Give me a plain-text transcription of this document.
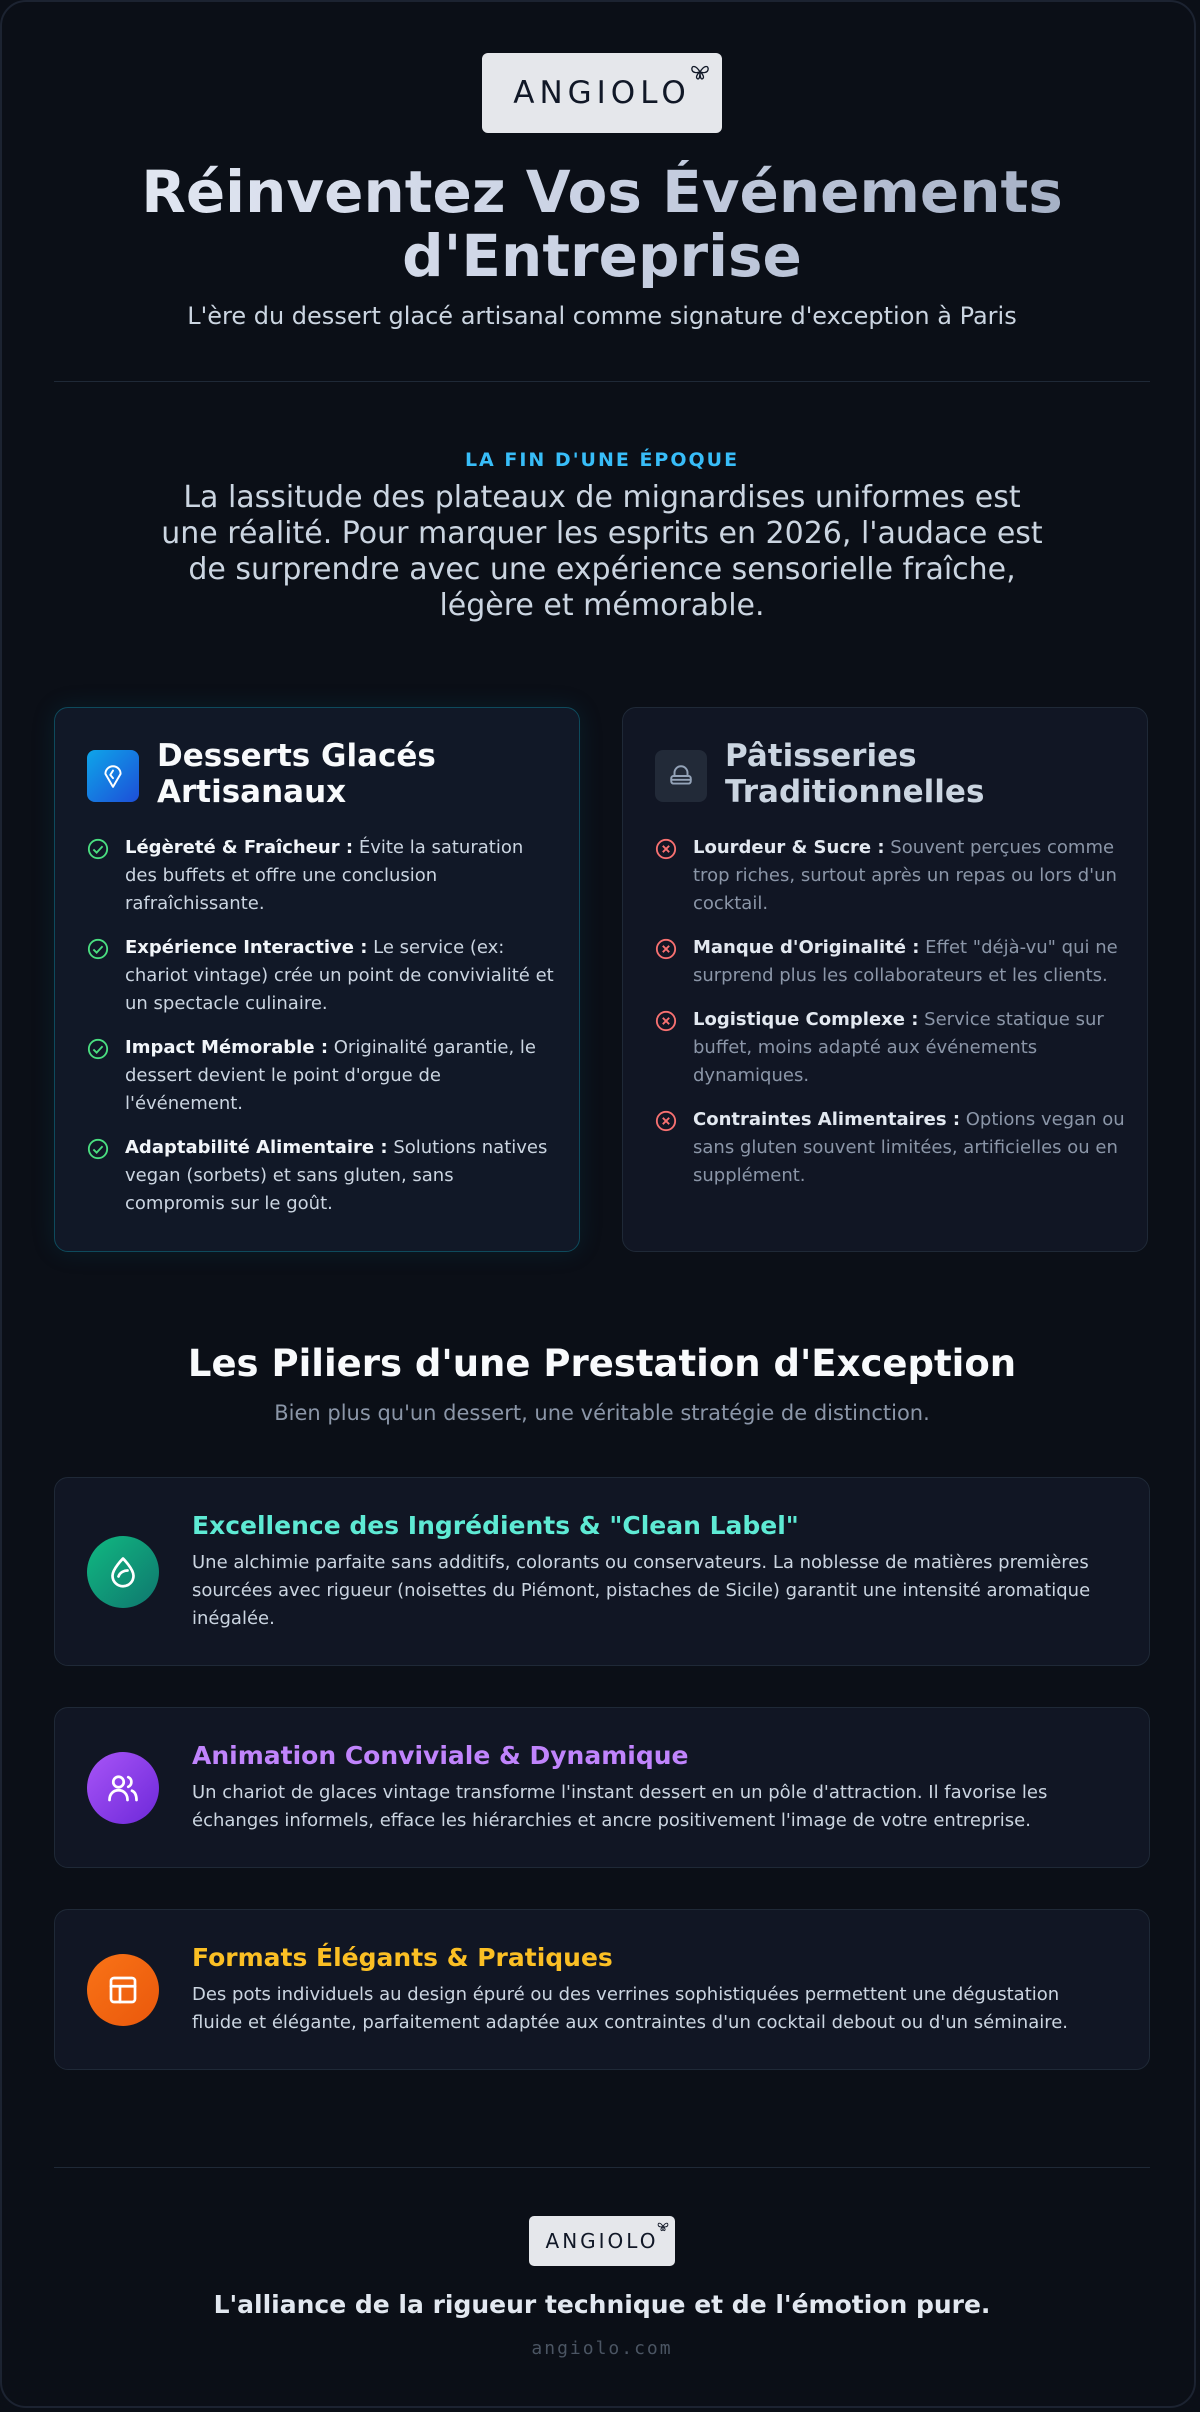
ANGIOLO
Réinventez Vos Événements d'Entreprise
L'ère du dessert glacé artisanal comme signature d'exception à Paris
LA FIN D'UNE ÉPOQUE
La lassitude des plateaux de mignardises uniformes est une réalité. Pour marquer les esprits en 2026, l'audace est de surprendre avec une expérience sensorielle fraîche, légère et mémorable.
Desserts Glacés Artisanaux
Légèreté & Fraîcheur : Évite la saturation des buffets et offre une conclusion rafraîchissante.
Expérience Interactive : Le service (ex: chariot vintage) crée un point de convivialité et un spectacle culinaire.
Impact Mémorable : Originalité garantie, le dessert devient le point d'orgue de l'événement.
Adaptabilité Alimentaire : Solutions natives vegan (sorbets) et sans gluten, sans compromis sur le goût.
Pâtisseries Traditionnelles
Lourdeur & Sucre : Souvent perçues comme trop riches, surtout après un repas ou lors d'un cocktail.
Manque d'Originalité : Effet "déjà-vu" qui ne surprend plus les collaborateurs et les clients.
Logistique Complexe : Service statique sur buffet, moins adapté aux événements dynamiques.
Contraintes Alimentaires : Options vegan ou sans gluten souvent limitées, artificielles ou en supplément.
Les Piliers d'une Prestation d'Exception
Bien plus qu'un dessert, une véritable stratégie de distinction.
Excellence des Ingrédients & "Clean Label"
Une alchimie parfaite sans additifs, colorants ou conservateurs. La noblesse de matières premières sourcées avec rigueur (noisettes du Piémont, pistaches de Sicile) garantit une intensité aromatique inégalée.
Animation Conviviale & Dynamique
Un chariot de glaces vintage transforme l'instant dessert en un pôle d'attraction. Il favorise les échanges informels, efface les hiérarchies et ancre positivement l'image de votre entreprise.
Formats Élégants & Pratiques
Des pots individuels au design épuré ou des verrines sophistiquées permettent une dégustation fluide et élégante, parfaitement adaptée aux contraintes d'un cocktail debout ou d'un séminaire.
ANGIOLO
L'alliance de la rigueur technique et de l'émotion pure.
angiolo.com
